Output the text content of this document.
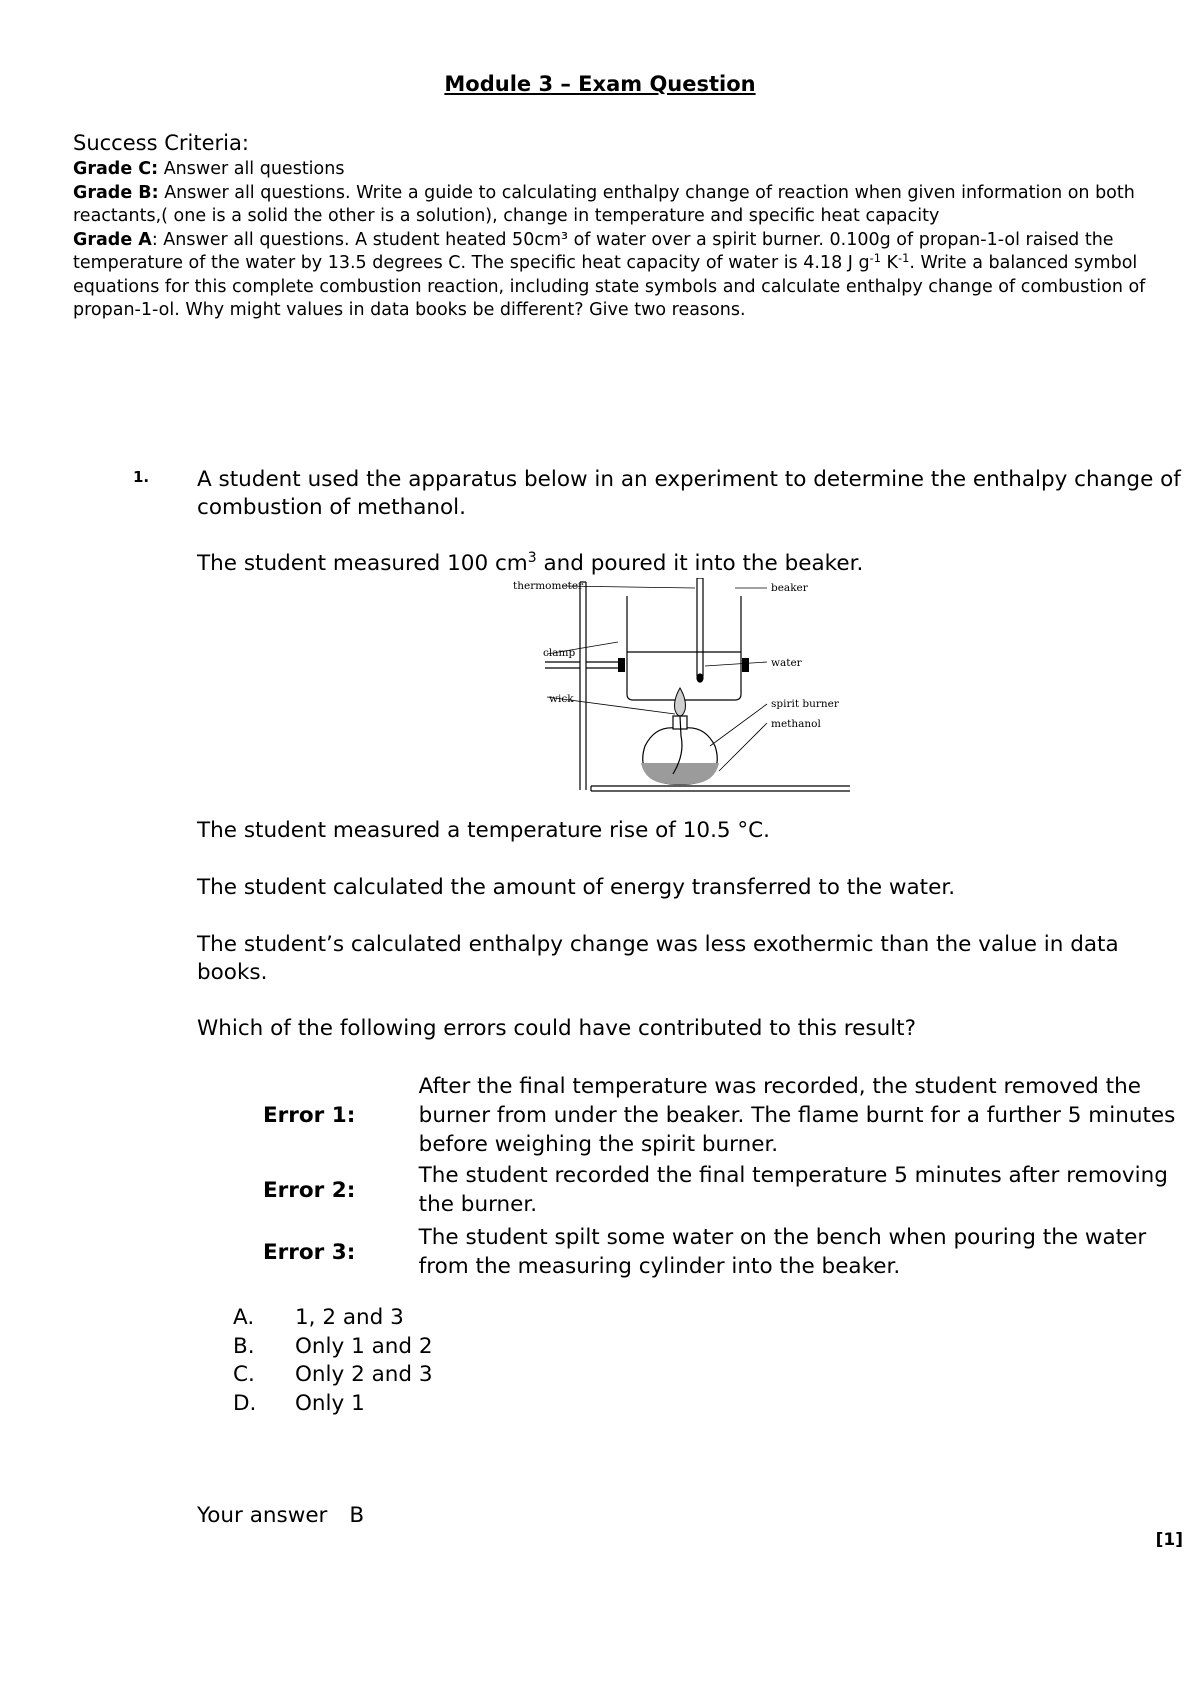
Module 3 – Exam Question
Success Criteria:
Grade C: Answer all questions
Grade B: Answer all questions. Write a guide to calculating enthalpy change of reaction when given information on both reactants,( one is a solid the other is a solution), change in temperature and specific heat capacity
Grade A: Answer all questions. A student heated 50cm³ of water over a spirit burner. 0.100g of propan-1-ol raised the temperature of the water by 13.5 degrees C. The specific heat capacity of water is 4.18 J $g^{-1}$ $K^{-1}$. Write a balanced symbol equations for this complete combustion reaction, including state symbols and calculate enthalpy change of combustion of propan-1-ol. Why might values in data books be different? Give two reasons.
1. A student used the apparatus below in an experiment to determine the enthalpy change of combustion of methanol.
The student measured 100 $cm^3$ and poured it into the beaker.
thermometer	beaker
clamp
water
wick	spirit burner
methanol
The student measured a temperature rise of 10.5 °C.
The student calculated the amount of energy transferred to the water.
The student’s calculated enthalpy change was less exothermic than the value in data books.
Which of the following errors could have contributed to this result?
Error 1:
After the final temperature was recorded, the student removed the burner from under the beaker. The flame burnt for a further 5 minutes before weighing the spirit burner.
Error 2:
The student recorded the final temperature 5 minutes after removing the burner.
Error 3:
The student spilt some water on the bench when pouring the water from the measuring cylinder into the beaker.
A.	1, 2 and 3
B.	Only 1 and 2
C.	Only 2 and 3
D.	Only 1
Your answer B
[1]
